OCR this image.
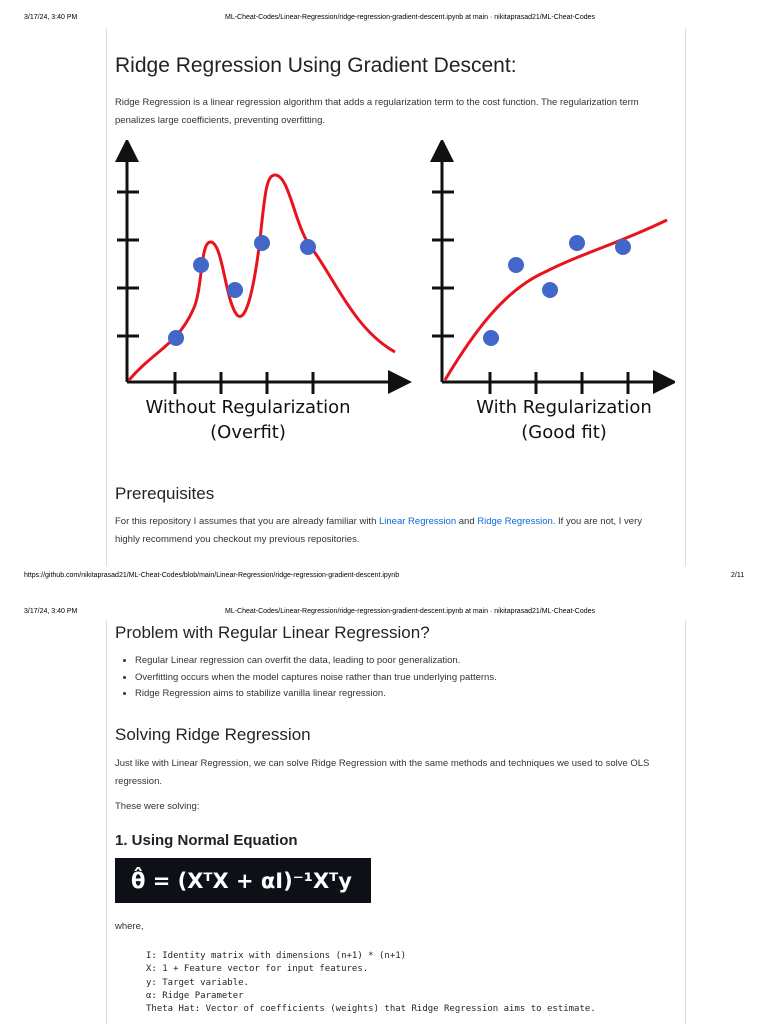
3/17/24, 3:40 PM	ML-Cheat-Codes/Linear-Regression/ridge-regression-gradient-descent.ipynb at main · nikitaprasad21/ML-Cheat-Codes
Ridge Regression Using Gradient Descent:

Ridge Regression is a linear regression algorithm that adds a regularization term to the cost function. The regularization term
penalizes large coefficients, preventing overfitting.

Without Regularization
(Overfit)
With Regularization
(Good fit)
Prerequisites

For this repository I assumes that you are already familiar with Linear Regression and Ridge Regression. If you are not, I very
highly recommend you checkout my previous repositories.

https://github.com/nikitaprasad21/ML-Cheat-Codes/blob/main/Linear-Regression/ridge-regression-gradient-descent.ipynb	2/11
3/17/24, 3:40 PM	ML-Cheat-Codes/Linear-Regression/ridge-regression-gradient-descent.ipynb at main · nikitaprasad21/ML-Cheat-Codes
Problem with Regular Linear Regression?
• Regular Linear regression can overfit the data, leading to poor generalization.
• Overfitting occurs when the model captures noise rather than true underlying patterns.
• Ridge Regression aims to stabilize vanilla linear regression.
Solving Ridge Regression

Just like with Linear Regression, we can solve Ridge Regression with the same methods and techniques we used to solve OLS
regression.

These were solving:

1. Using Normal Equation
θ̂ = (XᵀX + αI)⁻¹Xᵀy

where,

I: Identity matrix with dimensions (n+1) * (n+1)
X: 1 + Feature vector for input features.
y: Target variable.
α: Ridge Parameter
Theta Hat: Vector of coefficients (weights) that Ridge Regression aims to estimate.
